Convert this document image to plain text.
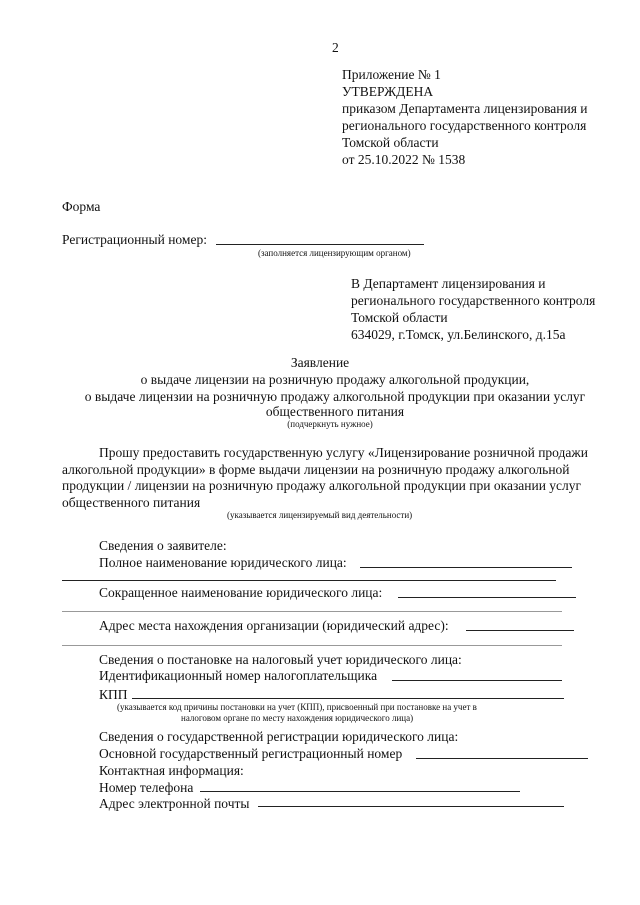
2
Приложение № 1
УТВЕРЖДЕНА
приказом Департамента лицензирования и
регионального государственного контроля
Томской области
от 25.10.2022 № 1538
Форма
Регистрационный номер:
(заполняется лицензирующим органом)
В Департамент лицензирования и
регионального государственного контроля
Томской области
634029, г.Томск, ул.Белинского, д.15а
Заявление
о выдаче лицензии на розничную продажу алкогольной продукции,
о выдаче лицензии на розничную продажу алкогольной продукции при оказании услуг
общественного питания
(подчеркнуть нужное)
Прошу предоставить государственную услугу «Лицензирование розничной продажи
алкогольной продукции» в форме выдачи лицензии на розничную продажу алкогольной
продукции / лицензии на розничную продажу алкогольной продукции при оказании услуг
общественного питания
(указывается лицензируемый вид деятельности)
Сведения о заявителе:
Полное наименование юридического лица:
Сокращенное наименование юридического лица:
Адрес места нахождения организации (юридический адрес):
Сведения о постановке на налоговый учет юридического лица:
Идентификационный номер налогоплательщика
КПП
(указывается код причины постановки на учет (КПП), присвоенный при постановке на учет в
налоговом органе по месту нахождения юридического лица)
Сведения о государственной регистрации юридического лица:
Основной государственный регистрационный номер
Контактная информация:
Номер телефона
Адрес электронной почты
